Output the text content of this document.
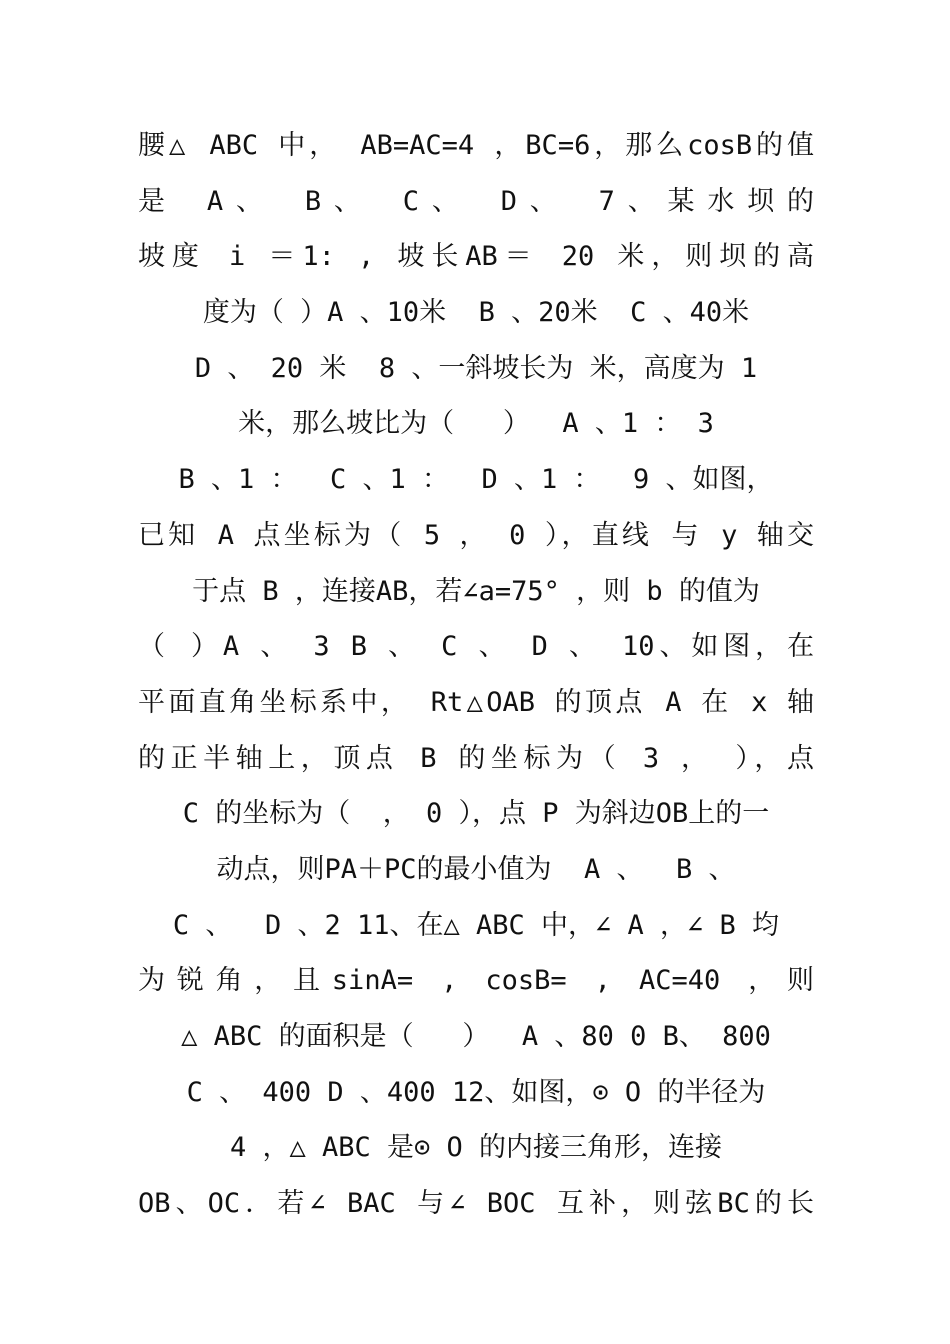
腰△ ABC 中， AB=AC=4 ，BC=6，那么cosB的值
是 A、 B、 C、 D、 7、某水坝的
坡度 i ＝1: , 坡长AB＝ 20 米，则坝的高
度为（ ）A 、10米  B 、20米  C 、40米
D 、 20 米  8 、一斜坡长为 米，高度为 1
米，那么坡比为（   ）  A 、1 ： 3
B 、1 ：  C 、1 ：  D 、1 ：  9 、如图，
已知 A 点坐标为（ 5 ， 0 ），直线 与 y 轴交
于点 B ，连接AB，若∠a=75° ，则 b 的值为
（ ）A 、 3 B 、 C 、 D 、 10、如图，在
平面直角坐标系中， Rt△OAB 的顶点 A 在 x 轴
的正半轴上，顶点 B 的坐标为（ 3 ， ），点
C 的坐标为（  ， 0 ），点 P 为斜边OB上的一
动点，则PA＋PC的最小值为  A 、  B 、
C 、  D 、2 11、在△ ABC 中，∠ A ，∠ B 均
为锐角，且sinA= , cosB= , AC=40 ，则
△ ABC 的面积是（   ）  A 、80 0 B、 800
C 、 400 D 、400 12、如图，⊙ O 的半径为
4 ，△ ABC 是⊙ O 的内接三角形，连接
OB、OC．若∠ BAC 与∠ BOC 互补，则弦BC的长
